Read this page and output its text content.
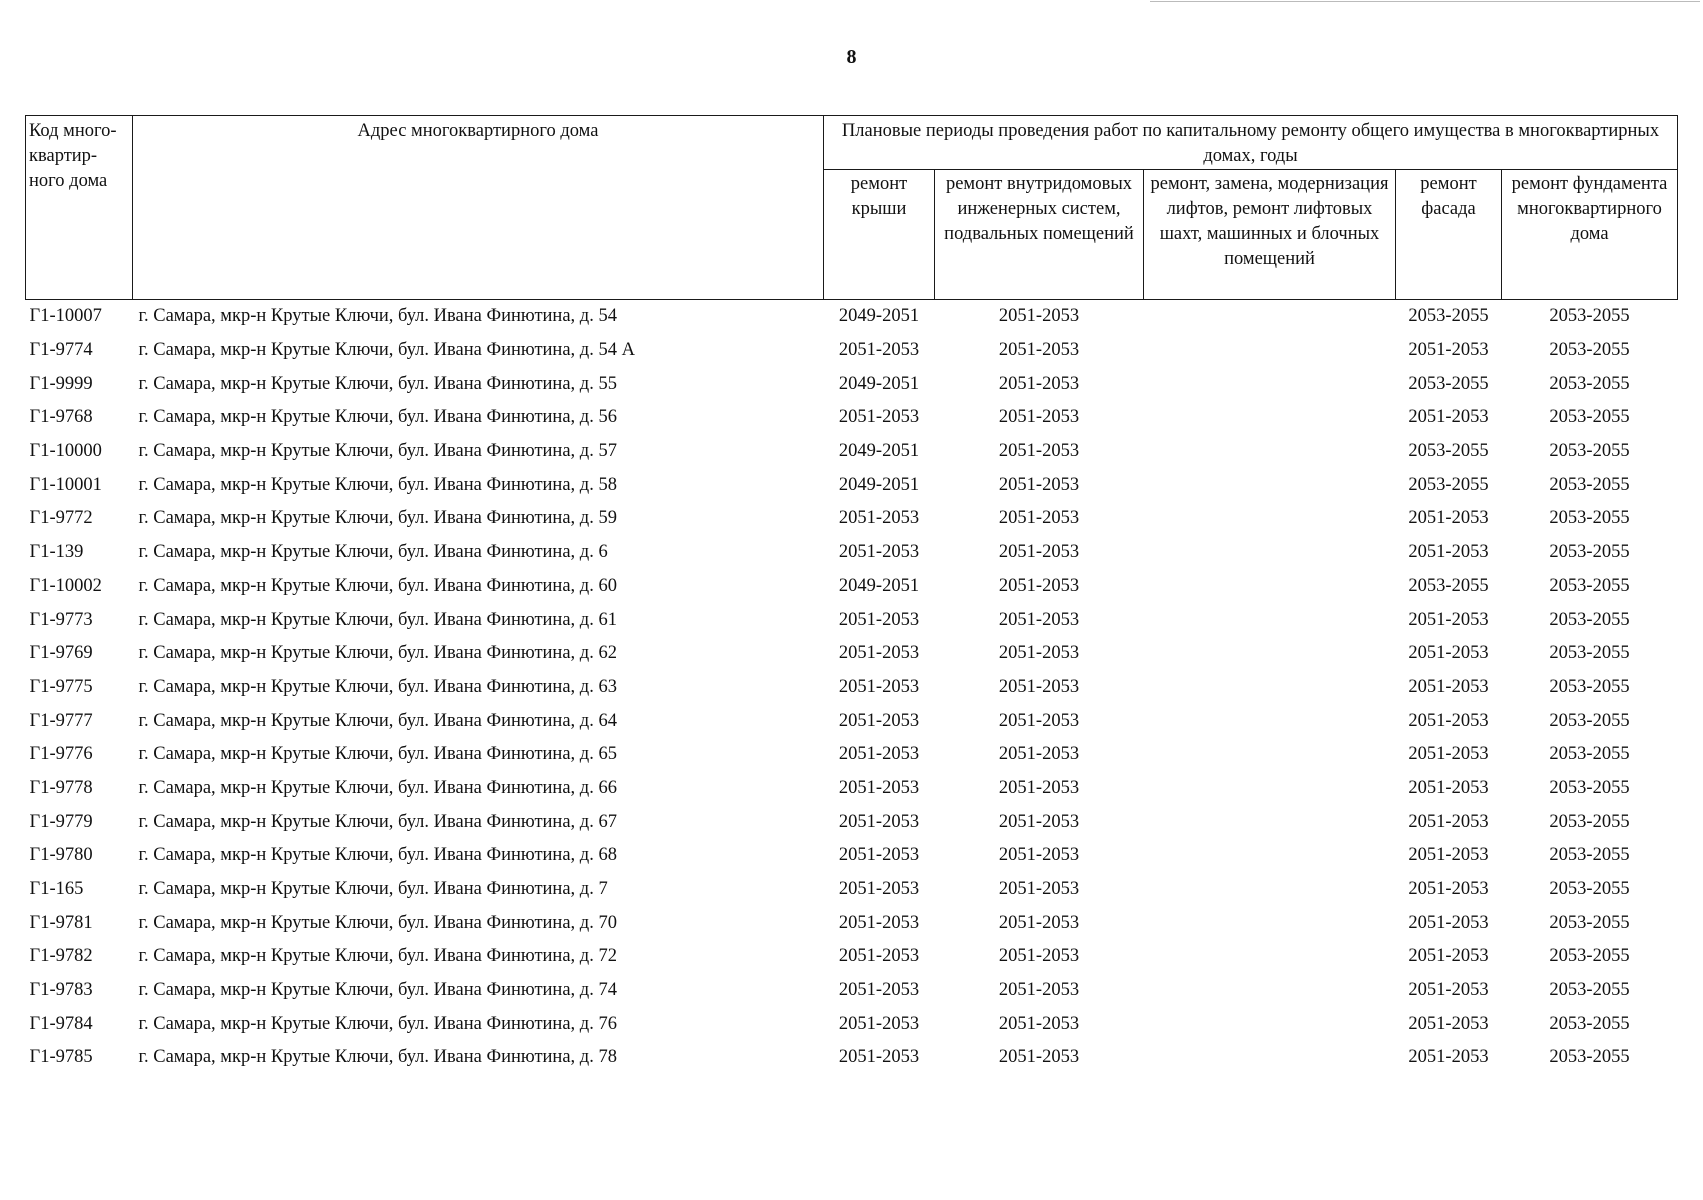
8
Код много-квартир-ного дома	Адрес многоквартирного дома	Плановые периоды проведения работ по капитальному ремонту общего имущества в многоквартирных домах, годы				
		ремонт крыши	ремонт внутридомовых инженерных систем, подвальных помещений	ремонт, замена, модернизация лифтов, ремонт лифтовых шахт, машинных и блочных помещений	ремонт фасада	ремонт фундамента многоквартирного дома
Г1-10007	г. Самара, мкр-н Крутые Ключи, бул. Ивана Финютина, д. 54	2049-2051	2051-2053		2053-2055	2053-2055
Г1-9774	г. Самара, мкр-н Крутые Ключи, бул. Ивана Финютина, д. 54 А	2051-2053	2051-2053		2051-2053	2053-2055
Г1-9999	г. Самара, мкр-н Крутые Ключи, бул. Ивана Финютина, д. 55	2049-2051	2051-2053		2053-2055	2053-2055
Г1-9768	г. Самара, мкр-н Крутые Ключи, бул. Ивана Финютина, д. 56	2051-2053	2051-2053		2051-2053	2053-2055
Г1-10000	г. Самара, мкр-н Крутые Ключи, бул. Ивана Финютина, д. 57	2049-2051	2051-2053		2053-2055	2053-2055
Г1-10001	г. Самара, мкр-н Крутые Ключи, бул. Ивана Финютина, д. 58	2049-2051	2051-2053		2053-2055	2053-2055
Г1-9772	г. Самара, мкр-н Крутые Ключи, бул. Ивана Финютина, д. 59	2051-2053	2051-2053		2051-2053	2053-2055
Г1-139	г. Самара, мкр-н Крутые Ключи, бул. Ивана Финютина, д. 6	2051-2053	2051-2053		2051-2053	2053-2055
Г1-10002	г. Самара, мкр-н Крутые Ключи, бул. Ивана Финютина, д. 60	2049-2051	2051-2053		2053-2055	2053-2055
Г1-9773	г. Самара, мкр-н Крутые Ключи, бул. Ивана Финютина, д. 61	2051-2053	2051-2053		2051-2053	2053-2055
Г1-9769	г. Самара, мкр-н Крутые Ключи, бул. Ивана Финютина, д. 62	2051-2053	2051-2053		2051-2053	2053-2055
Г1-9775	г. Самара, мкр-н Крутые Ключи, бул. Ивана Финютина, д. 63	2051-2053	2051-2053		2051-2053	2053-2055
Г1-9777	г. Самара, мкр-н Крутые Ключи, бул. Ивана Финютина, д. 64	2051-2053	2051-2053		2051-2053	2053-2055
Г1-9776	г. Самара, мкр-н Крутые Ключи, бул. Ивана Финютина, д. 65	2051-2053	2051-2053		2051-2053	2053-2055
Г1-9778	г. Самара, мкр-н Крутые Ключи, бул. Ивана Финютина, д. 66	2051-2053	2051-2053		2051-2053	2053-2055
Г1-9779	г. Самара, мкр-н Крутые Ключи, бул. Ивана Финютина, д. 67	2051-2053	2051-2053		2051-2053	2053-2055
Г1-9780	г. Самара, мкр-н Крутые Ключи, бул. Ивана Финютина, д. 68	2051-2053	2051-2053		2051-2053	2053-2055
Г1-165	г. Самара, мкр-н Крутые Ключи, бул. Ивана Финютина, д. 7	2051-2053	2051-2053		2051-2053	2053-2055
Г1-9781	г. Самара, мкр-н Крутые Ключи, бул. Ивана Финютина, д. 70	2051-2053	2051-2053		2051-2053	2053-2055
Г1-9782	г. Самара, мкр-н Крутые Ключи, бул. Ивана Финютина, д. 72	2051-2053	2051-2053		2051-2053	2053-2055
Г1-9783	г. Самара, мкр-н Крутые Ключи, бул. Ивана Финютина, д. 74	2051-2053	2051-2053		2051-2053	2053-2055
Г1-9784	г. Самара, мкр-н Крутые Ключи, бул. Ивана Финютина, д. 76	2051-2053	2051-2053		2051-2053	2053-2055
Г1-9785	г. Самара, мкр-н Крутые Ключи, бул. Ивана Финютина, д. 78	2051-2053	2051-2053		2051-2053	2053-2055
